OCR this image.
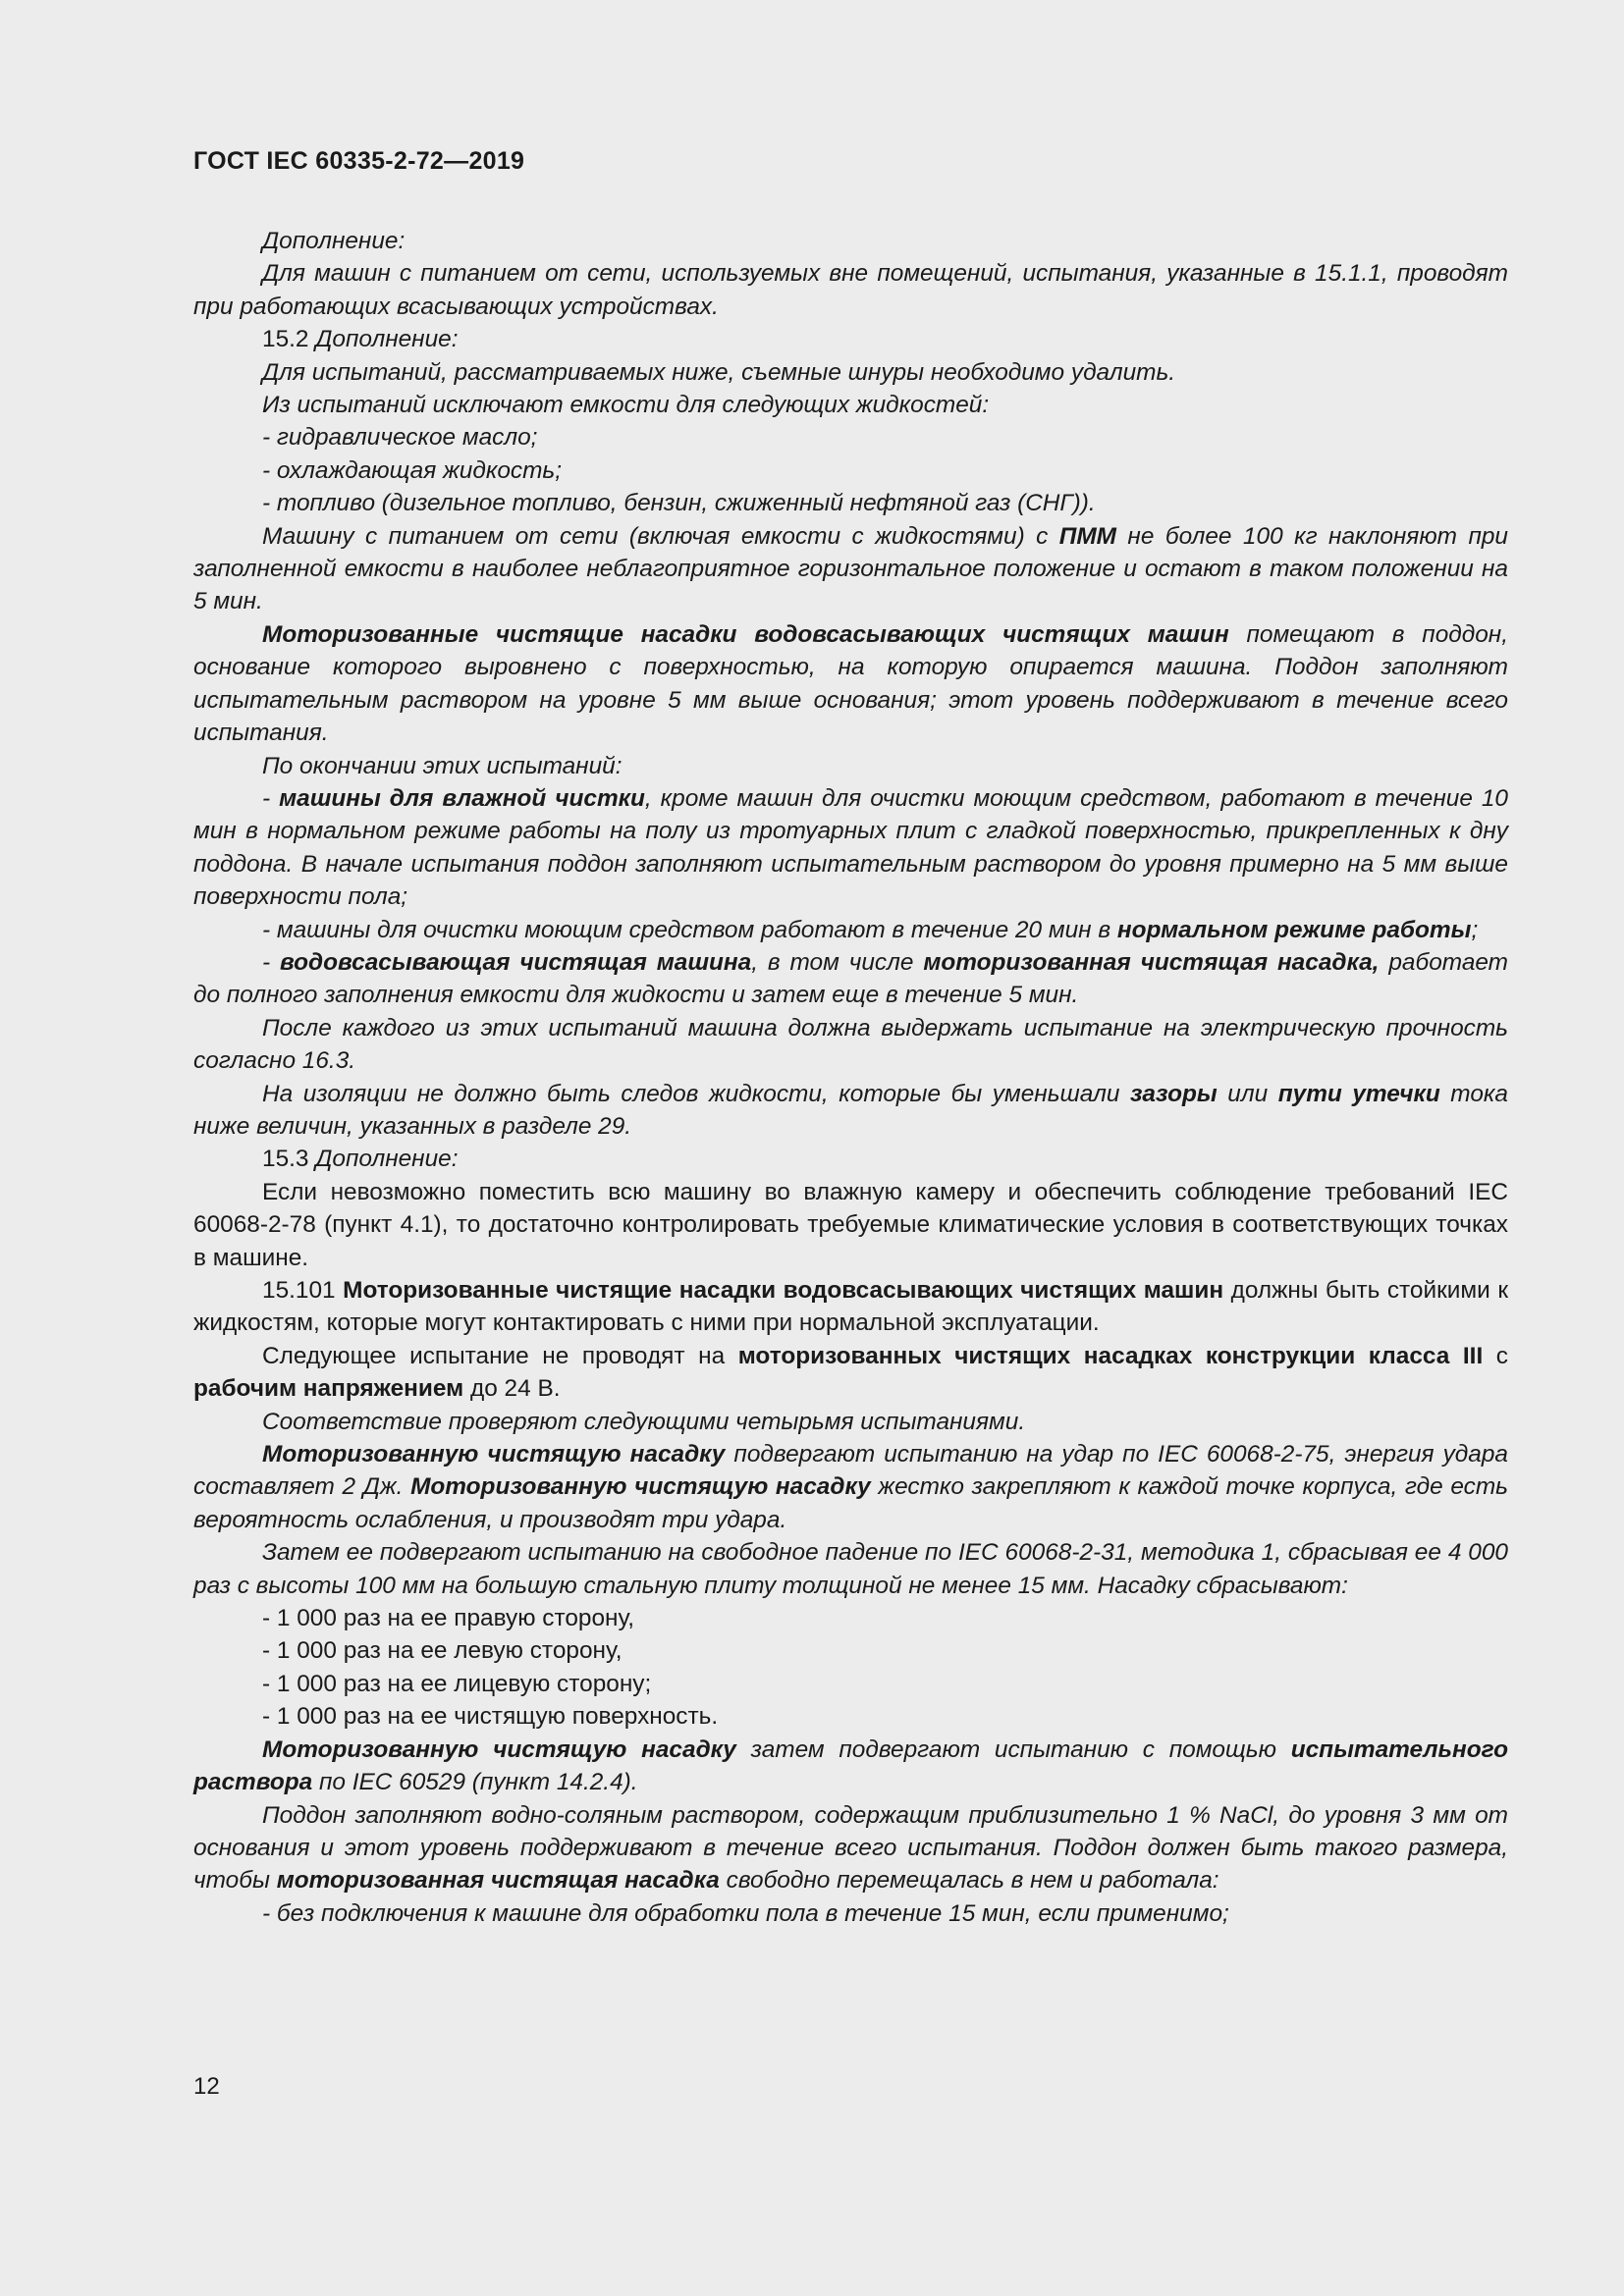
ГОСТ IEC 60335-2-72—2019

Дополнение:

Для машин с питанием от сети, используемых вне помещений, испытания, указанные в 15.1.1, проводят при работающих всасывающих устройствах.

15.2 Дополнение:

Для испытаний, рассматриваемых ниже, съемные шнуры необходимо удалить.

Из испытаний исключают емкости для следующих жидкостей:

- гидравлическое масло;

- охлаждающая жидкость;

- топливо (дизельное топливо, бензин, сжиженный нефтяной газ (СНГ)).

Машину с питанием от сети (включая емкости с жидкостями) с ПММ не более 100 кг наклоняют при заполненной емкости в наиболее неблагоприятное горизонтальное положение и остают в таком положении на 5 мин.

Моторизованные чистящие насадки водовсасывающих чистящих машин помещают в поддон, основание которого выровнено с поверхностью, на которую опирается машина. Поддон заполняют испытательным раствором на уровне 5 мм выше основания; этот уровень поддерживают в течение всего испытания.

По окончании этих испытаний:

- машины для влажной чистки, кроме машин для очистки моющим средством, работают в течение 10 мин в нормальном режиме работы на полу из тротуарных плит с гладкой поверхностью, прикрепленных к дну поддона. В начале испытания поддон заполняют испытательным раствором до уровня примерно на 5 мм выше поверхности пола;

- машины для очистки моющим средством работают в течение 20 мин в нормальном режиме работы;

- водовсасывающая чистящая машина, в том числе моторизованная чистящая насадка, работает до полного заполнения емкости для жидкости и затем еще в течение 5 мин.

После каждого из этих испытаний машина должна выдержать испытание на электрическую прочность согласно 16.3.

На изоляции не должно быть следов жидкости, которые бы уменьшали зазоры или пути утечки тока ниже величин, указанных в разделе 29.

15.3 Дополнение:

Если невозможно поместить всю машину во влажную камеру и обеспечить соблюдение требований IEC 60068-2-78 (пункт 4.1), то достаточно контролировать требуемые климатические условия в соответствующих точках в машине.

15.101 Моторизованные чистящие насадки водовсасывающих чистящих машин должны быть стойкими к жидкостям, которые могут контактировать с ними при нормальной эксплуатации.

Следующее испытание не проводят на моторизованных чистящих насадках конструкции класса III с рабочим напряжением до 24 В.

Соответствие проверяют следующими четырьмя испытаниями.

Моторизованную чистящую насадку подвергают испытанию на удар по IEC 60068-2-75, энергия удара составляет 2 Дж. Моторизованную чистящую насадку жестко закрепляют к каждой точке корпуса, где есть вероятность ослабления, и производят три удара.

Затем ее подвергают испытанию на свободное падение по IEC 60068-2-31, методика 1, сбрасывая ее 4 000 раз с высоты 100 мм на большую стальную плиту толщиной не менее 15 мм. Насадку сбрасывают:

- 1 000 раз на ее правую сторону,

- 1 000 раз на ее левую сторону,

- 1 000 раз на ее лицевую сторону;

- 1 000 раз на ее чистящую поверхность.

Моторизованную чистящую насадку затем подвергают испытанию с помощью испытательного раствора по IEC 60529 (пункт 14.2.4).

Поддон заполняют водно-соляным раствором, содержащим приблизительно 1 % NaCl, до уровня 3 мм от основания и этот уровень поддерживают в течение всего испытания. Поддон должен быть такого размера, чтобы моторизованная чистящая насадка свободно перемещалась в нем и работала:

- без подключения к машине для обработки пола в течение 15 мин, если применимо;

12
